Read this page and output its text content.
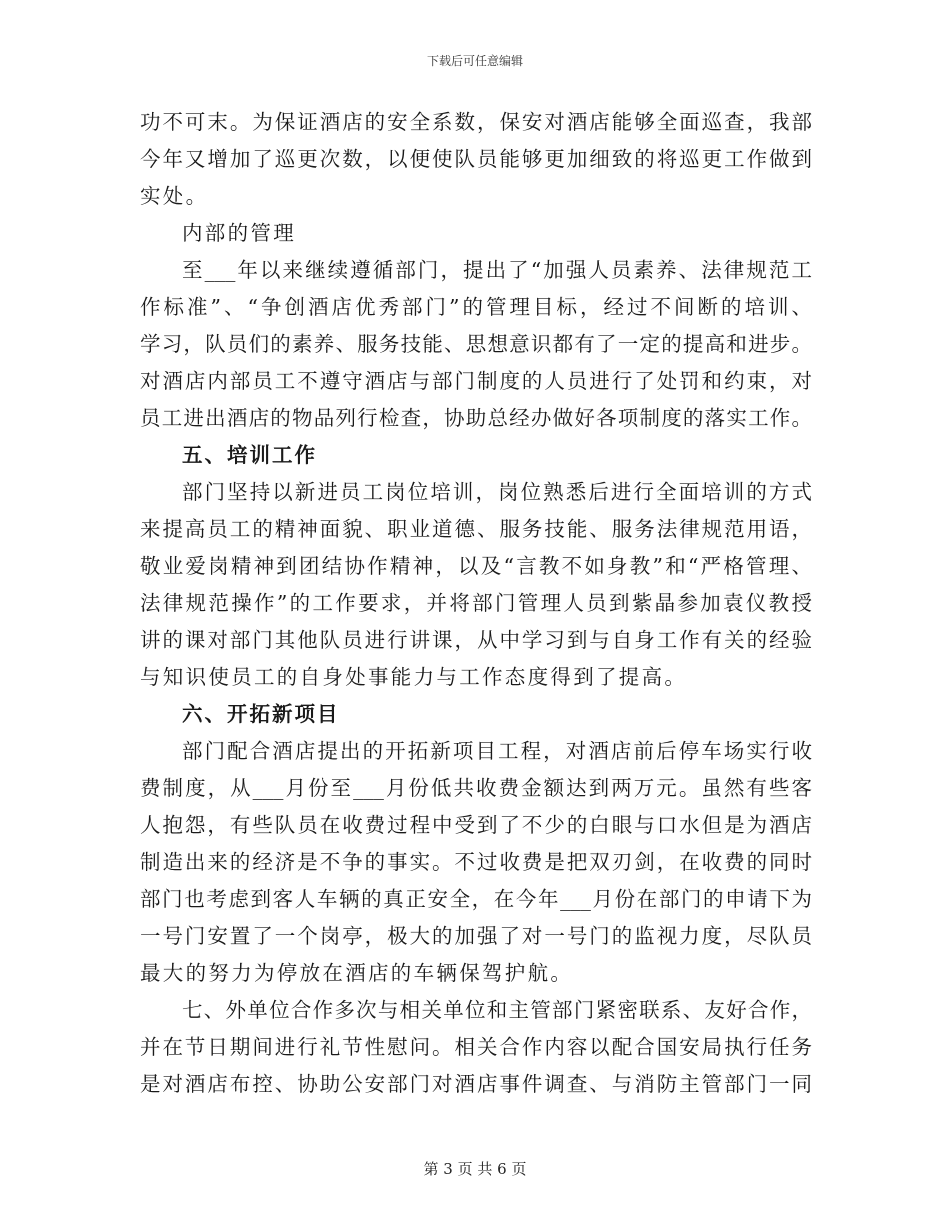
下载后可任意编辑
功不可末。为保证酒店的安全系数，保安对酒店能够全面巡查，我部
今年又增加了巡更次数，以便使队员能够更加细致的将巡更工作做到
实处。
内部的管理
至___年以来继续遵循部门，提出了“加强人员素养、法律规范工
作标准”、“争创酒店优秀部门”的管理目标，经过不间断的培训、
学习，队员们的素养、服务技能、思想意识都有了一定的提高和进步。
对酒店内部员工不遵守酒店与部门制度的人员进行了处罚和约束，对
员工进出酒店的物品列行检查，协助总经办做好各项制度的落实工作。
五、培训工作
部门坚持以新进员工岗位培训，岗位熟悉后进行全面培训的方式
来提高员工的精神面貌、职业道德、服务技能、服务法律规范用语，
敬业爱岗精神到团结协作精神，以及“言教不如身教”和“严格管理、
法律规范操作”的工作要求，并将部门管理人员到紫晶参加袁仪教授
讲的课对部门其他队员进行讲课，从中学习到与自身工作有关的经验
与知识使员工的自身处事能力与工作态度得到了提高。
六、开拓新项目
部门配合酒店提出的开拓新项目工程，对酒店前后停车场实行收
费制度，从___月份至___月份低共收费金额达到两万元。虽然有些客
人抱怨，有些队员在收费过程中受到了不少的白眼与口水但是为酒店
制造出来的经济是不争的事实。不过收费是把双刃剑，在收费的同时
部门也考虑到客人车辆的真正安全，在今年___月份在部门的申请下为
一号门安置了一个岗亭，极大的加强了对一号门的监视力度，尽队员
最大的努力为停放在酒店的车辆保驾护航。
七、外单位合作多次与相关单位和主管部门紧密联系、友好合作，
并在节日期间进行礼节性慰问。相关合作内容以配合国安局执行任务
是对酒店布控、协助公安部门对酒店事件调查、与消防主管部门一同
第 3 页 共 6 页
